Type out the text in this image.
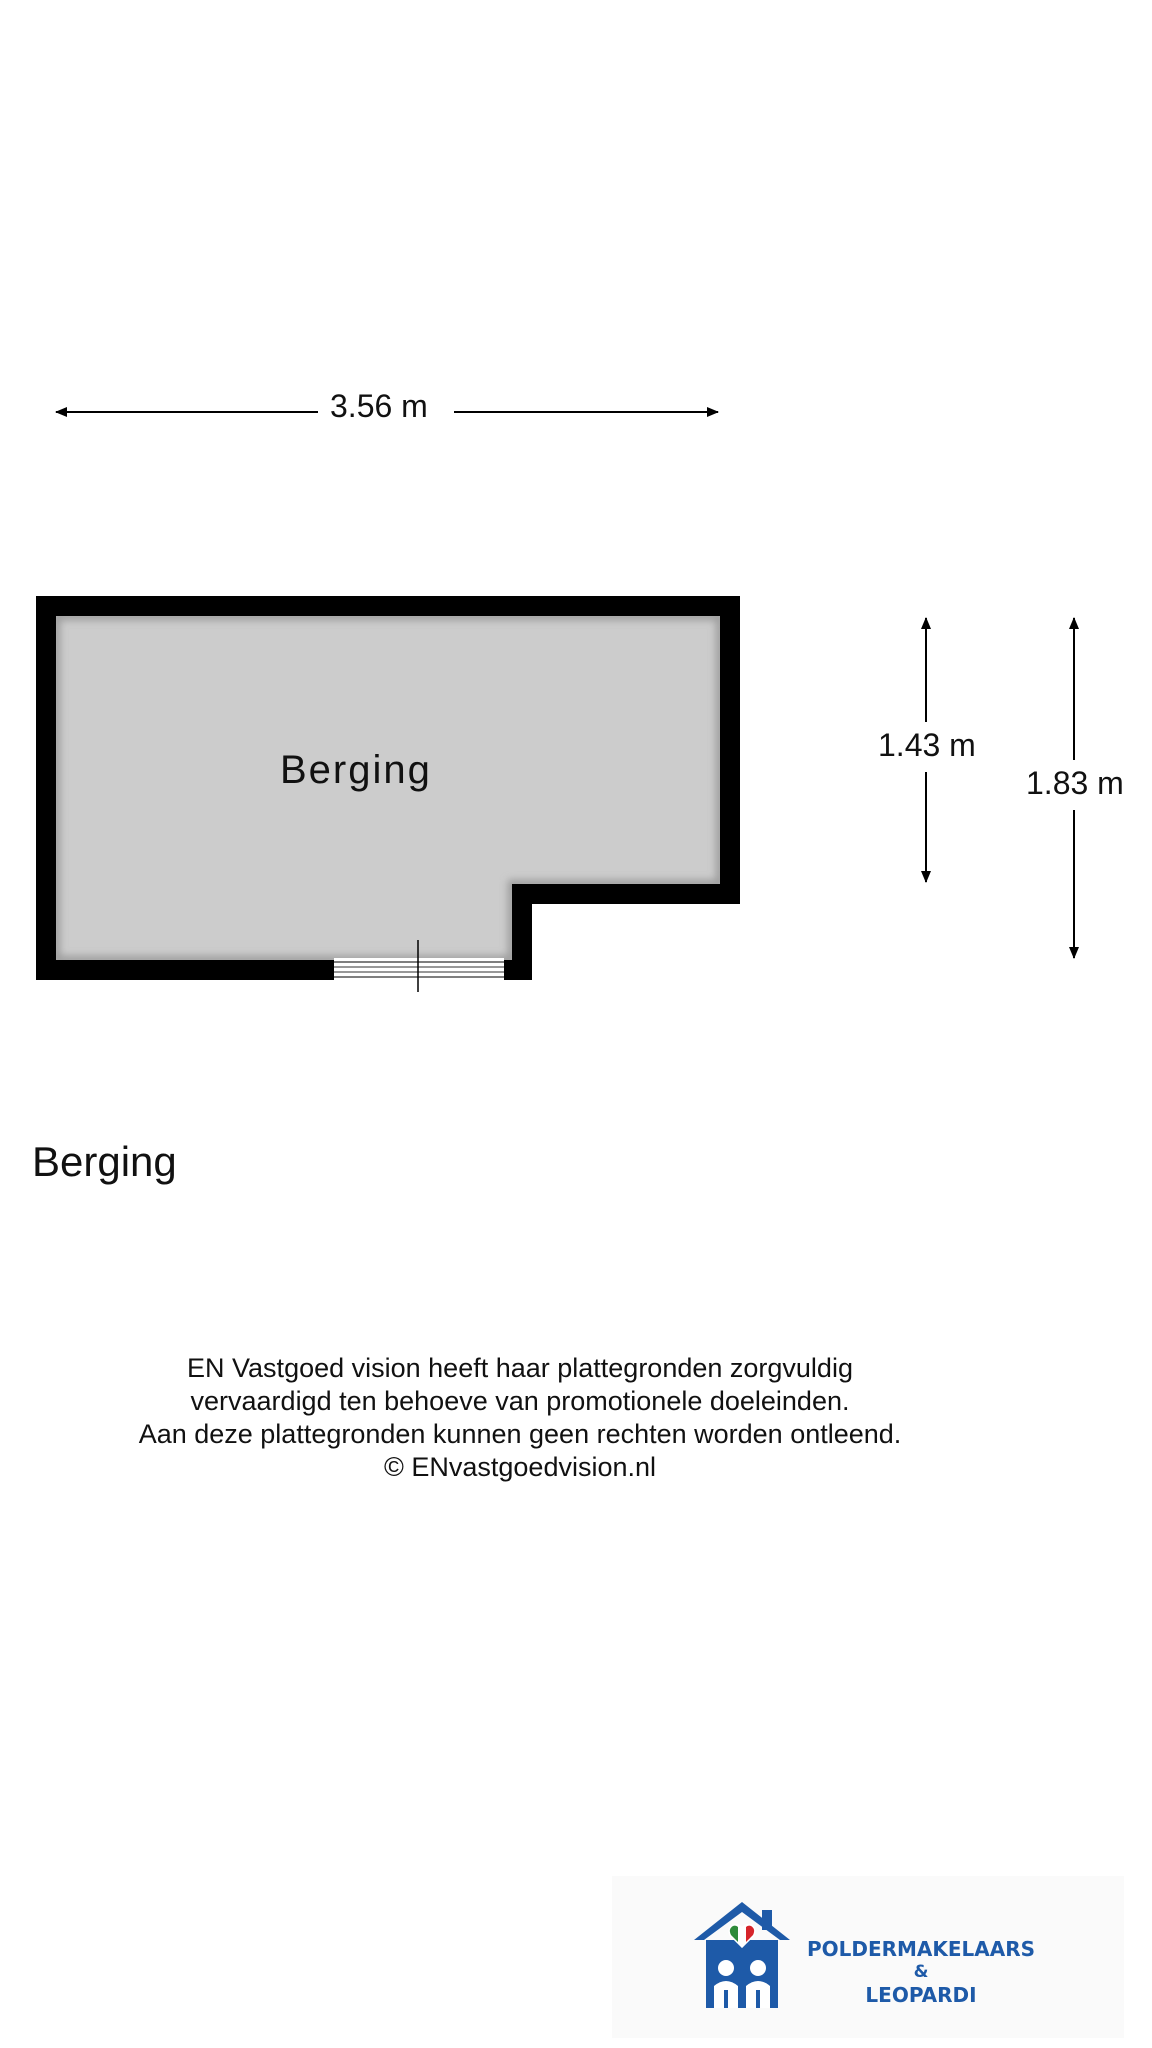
3.56 m
1.43 m
1.83 m
Berging
Berging
EN Vastgoed vision heeft haar plattegronden zorgvuldig
vervaardigd ten behoeve van promotionele doeleinden.
Aan deze plattegronden kunnen geen rechten worden ontleend.
© ENvastgoedvision.nl
POLDERMAKELAARS
&
LEOPARDI
